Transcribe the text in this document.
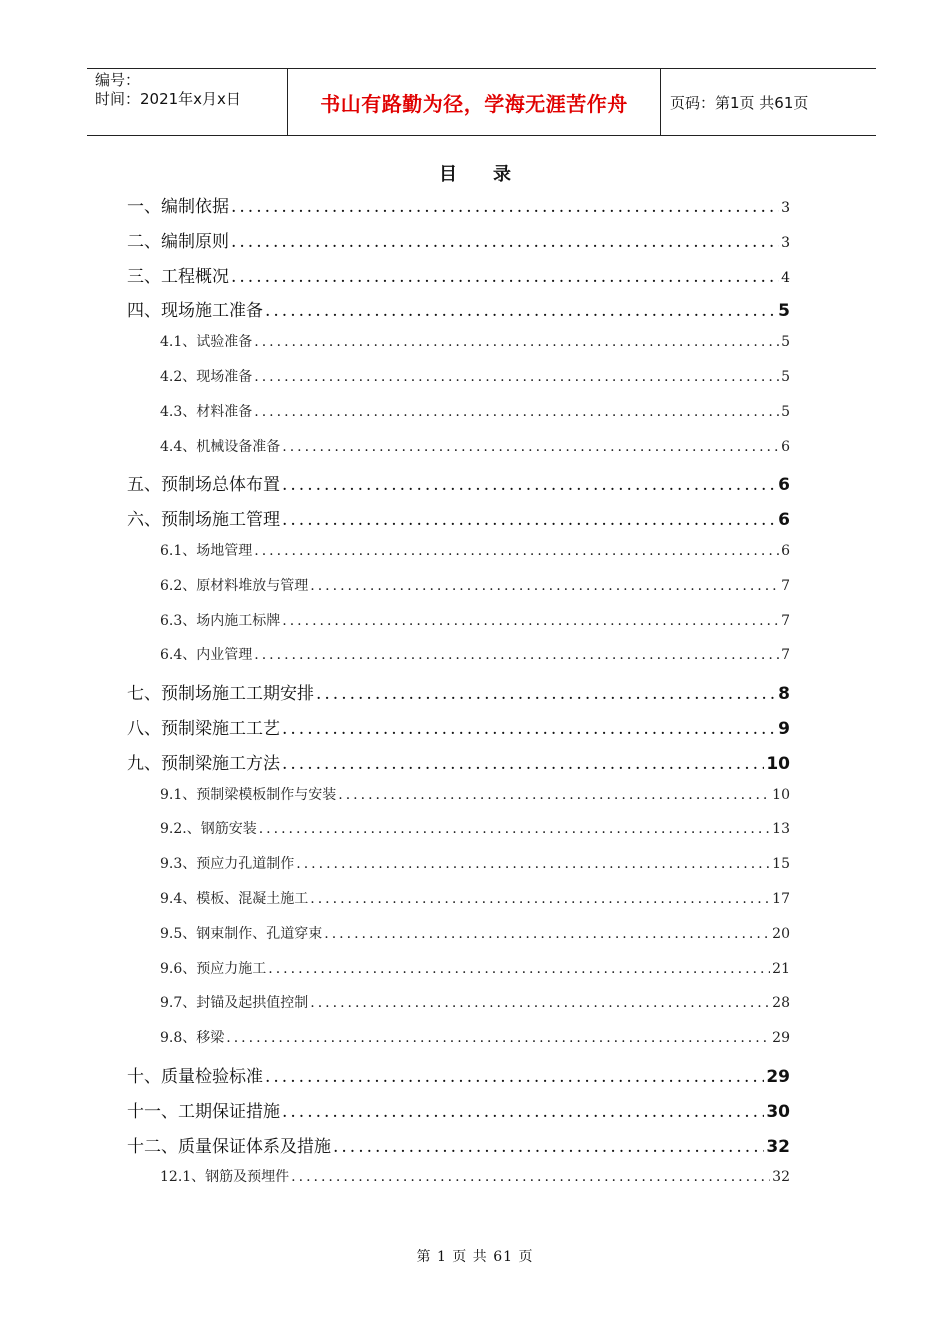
编号：
时间：2021年x月x日	书山有路勤为径，学海无涯苦作舟	页码：第1页 共61页
目录
一、编制依据 .....	3
二、编制原则 .....	3
三、工程概况 .....	4
四、现场施工准备 .....	5
4.1、试验准备 .....	5
4.2、现场准备 .....	5
4.3、材料准备 .....	5
4.4、机械设备准备 .....	6
五、预制场总体布置 .....	6
六、预制场施工管理 .....	6
6.1、场地管理 .....	6
6.2、原材料堆放与管理 .....	7
6.3、场内施工标牌 .....	7
6.4、内业管理 .....	7
七、预制场施工工期安排 .....	8
八、预制梁施工工艺 .....	9
九、预制梁施工方法 .....	10
9.1、预制梁模板制作与安装 .....	10
9.2.、钢筋安装 .....	13
9.3、预应力孔道制作 .....	15
9.4、模板、混凝土施工 .....	17
9.5、钢束制作、孔道穿束 .....	20
9.6、预应力施工 .....	21
9.7、封锚及起拱值控制 .....	28
9.8、移梁 .....	29
十、质量检验标准 .....	29
十一、工期保证措施 .....	30
十二、质量保证体系及措施 .....	32
12.1、钢筋及预埋件 .....	32
第 1 页 共 61 页
